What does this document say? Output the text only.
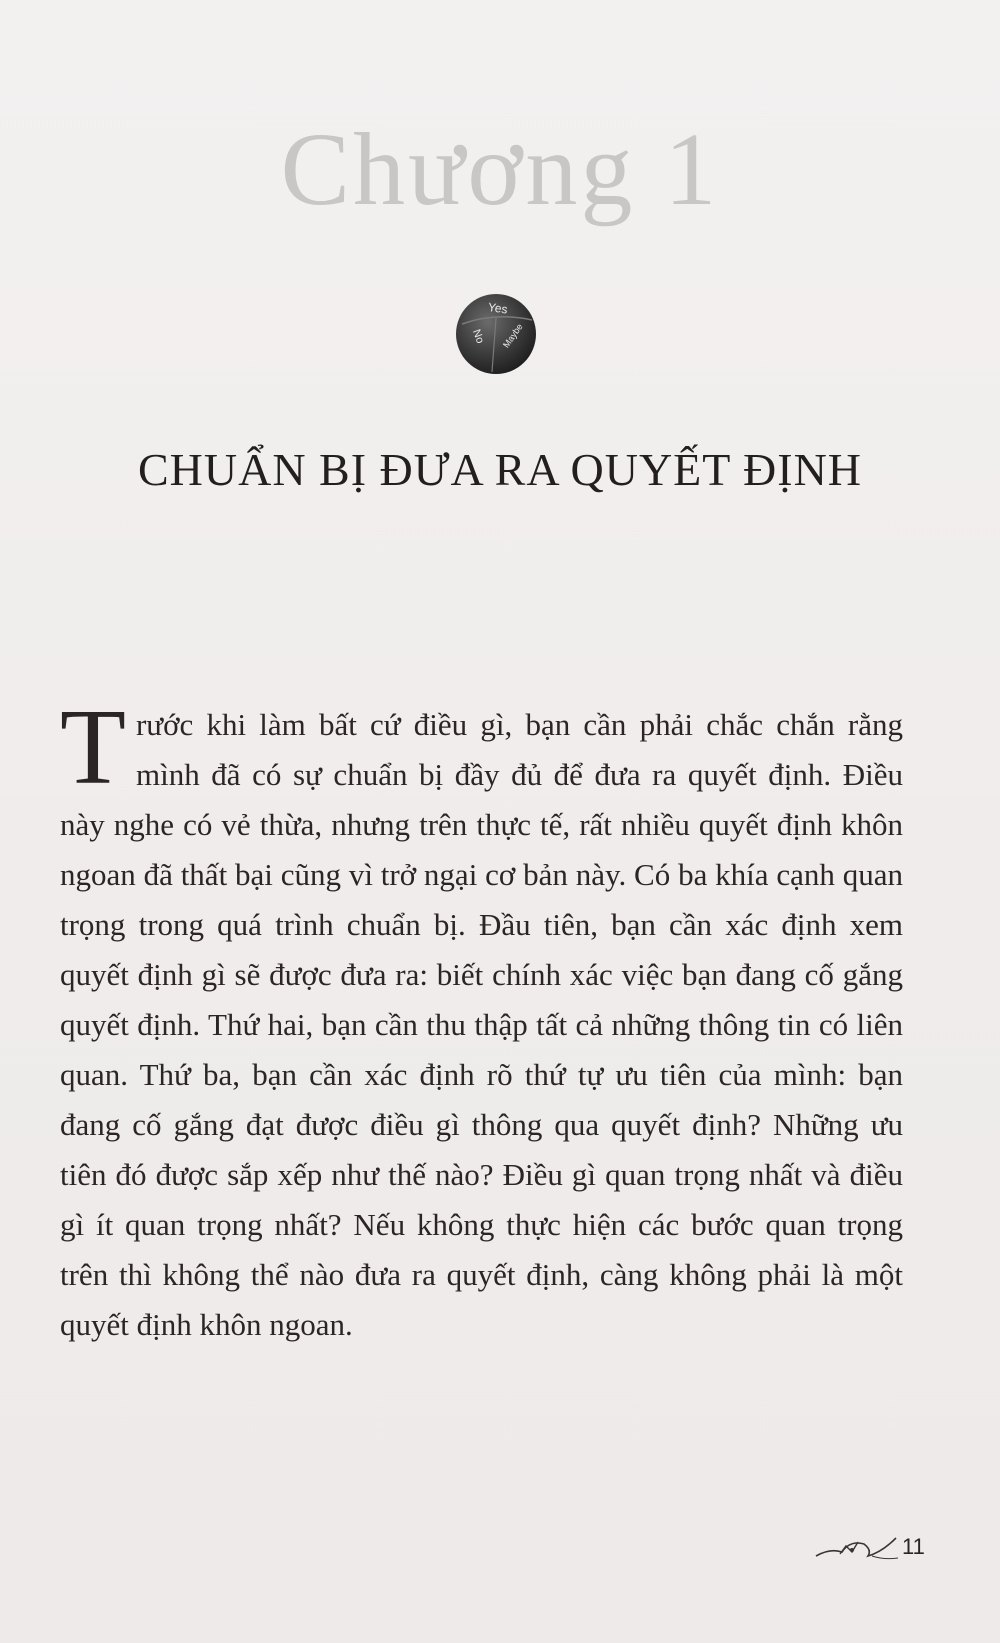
Chương 1
Yes
No Maybe
CHUẨN BỊ ĐƯA RA QUYẾT ĐỊNH

Trước khi làm bất cứ điều gì, bạn cần phải chắc chắn rằng mình đã có sự chuẩn bị đầy đủ để đưa ra quyết định. Điều này nghe có vẻ thừa, nhưng trên thực tế, rất nhiều quyết định khôn ngoan đã thất bại cũng vì trở ngại cơ bản này. Có ba khía cạnh quan trọng trong quá trình chuẩn bị. Đầu tiên, bạn cần xác định xem quyết định gì sẽ được đưa ra: biết chính xác việc bạn đang cố gắng quyết định. Thứ hai, bạn cần thu thập tất cả những thông tin có liên quan. Thứ ba, bạn cần xác định rõ thứ tự ưu tiên của mình: bạn đang cố gắng đạt được điều gì thông qua quyết định? Những ưu tiên đó được sắp xếp như thế nào? Điều gì quan trọng nhất và điều gì ít quan trọng nhất? Nếu không thực hiện các bước quan trọng trên thì không thể nào đưa ra quyết định, càng không phải là một quyết định khôn ngoan.

11
